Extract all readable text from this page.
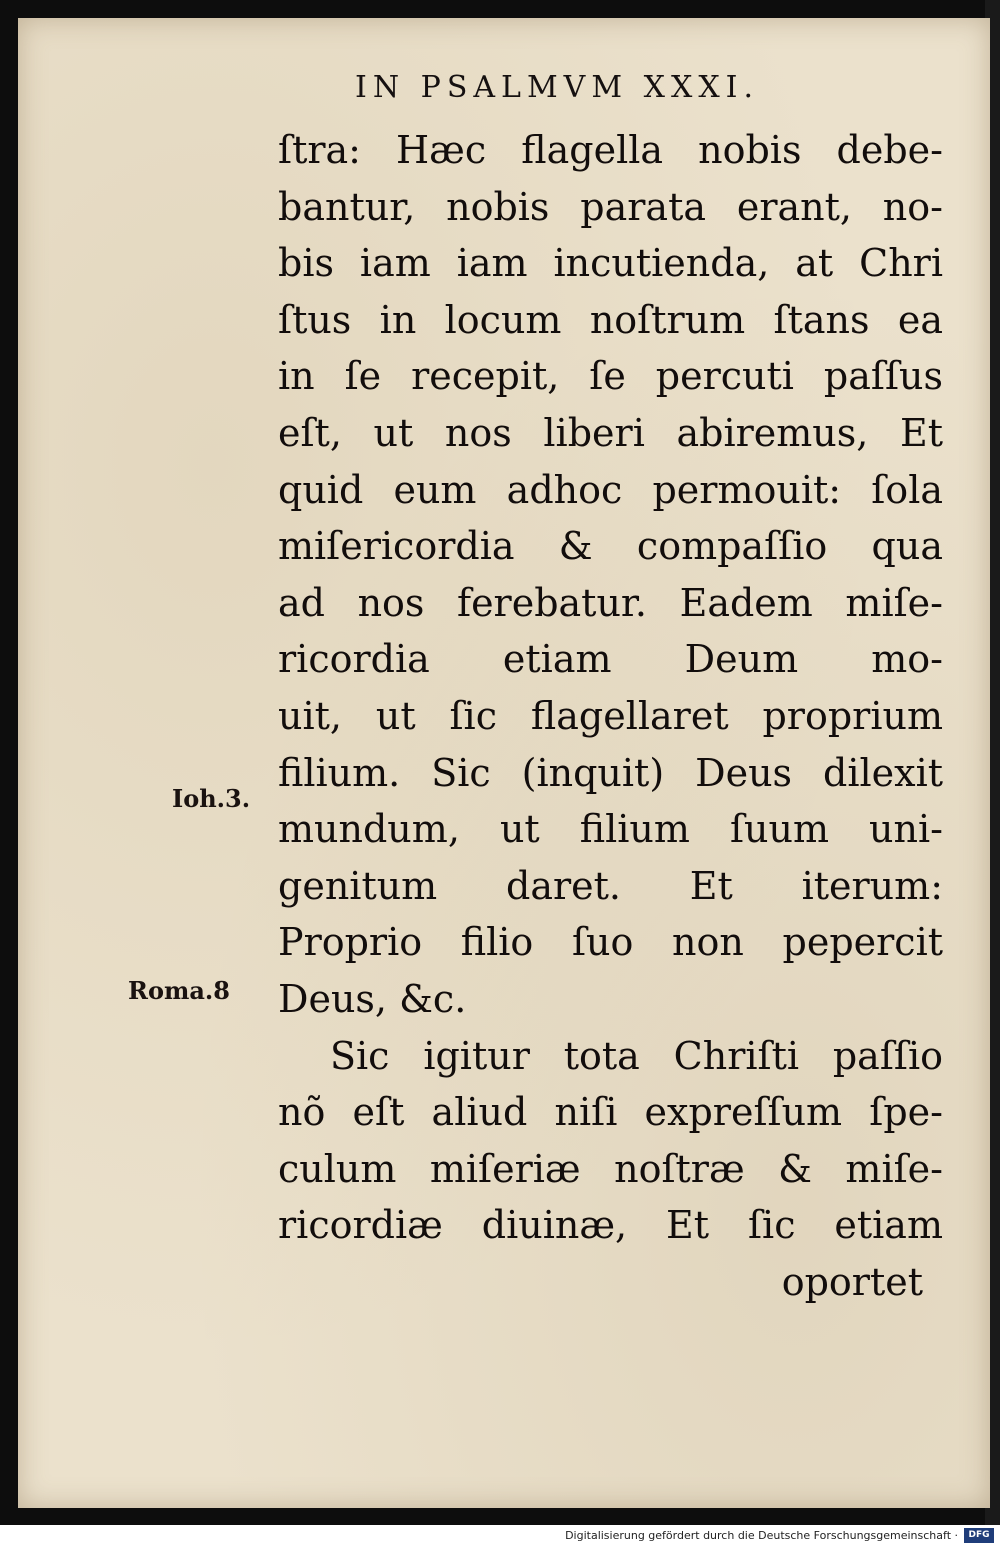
IN PSALMVM XXXI.
Ioh.3.
Roma.8
ſtra: Hæc flagella nobis debe-
bantur, nobis parata erant, no-
bis iam iam incutienda, at Chri
ſtus in locum noſtrum ſtans ea
in ſe recepit, ſe percuti paſſus
eſt, ut nos liberi abiremus, Et
quid eum adhoc permouit: ſola
miſericordia & compaſſio qua
ad nos ferebatur. Eadem miſe-
ricordia etiam Deum mo-
uit, ut ſic flagellaret proprium
filium. Sic (inquit) Deus dilexit
mundum, ut filium ſuum uni-
genitum daret. Et iterum:
Proprio filio ſuo non pepercit
Deus, &c.
Sic igitur tota Chriſti paſſio
nõ eſt aliud niſi expreſſum ſpe-
culum miſeriæ noſtræ & miſe-
ricordiæ diuinæ, Et ſic etiam
oportet
Digitalisierung gefördert durch die Deutsche Forschungsgemeinschaft ·	DFG
